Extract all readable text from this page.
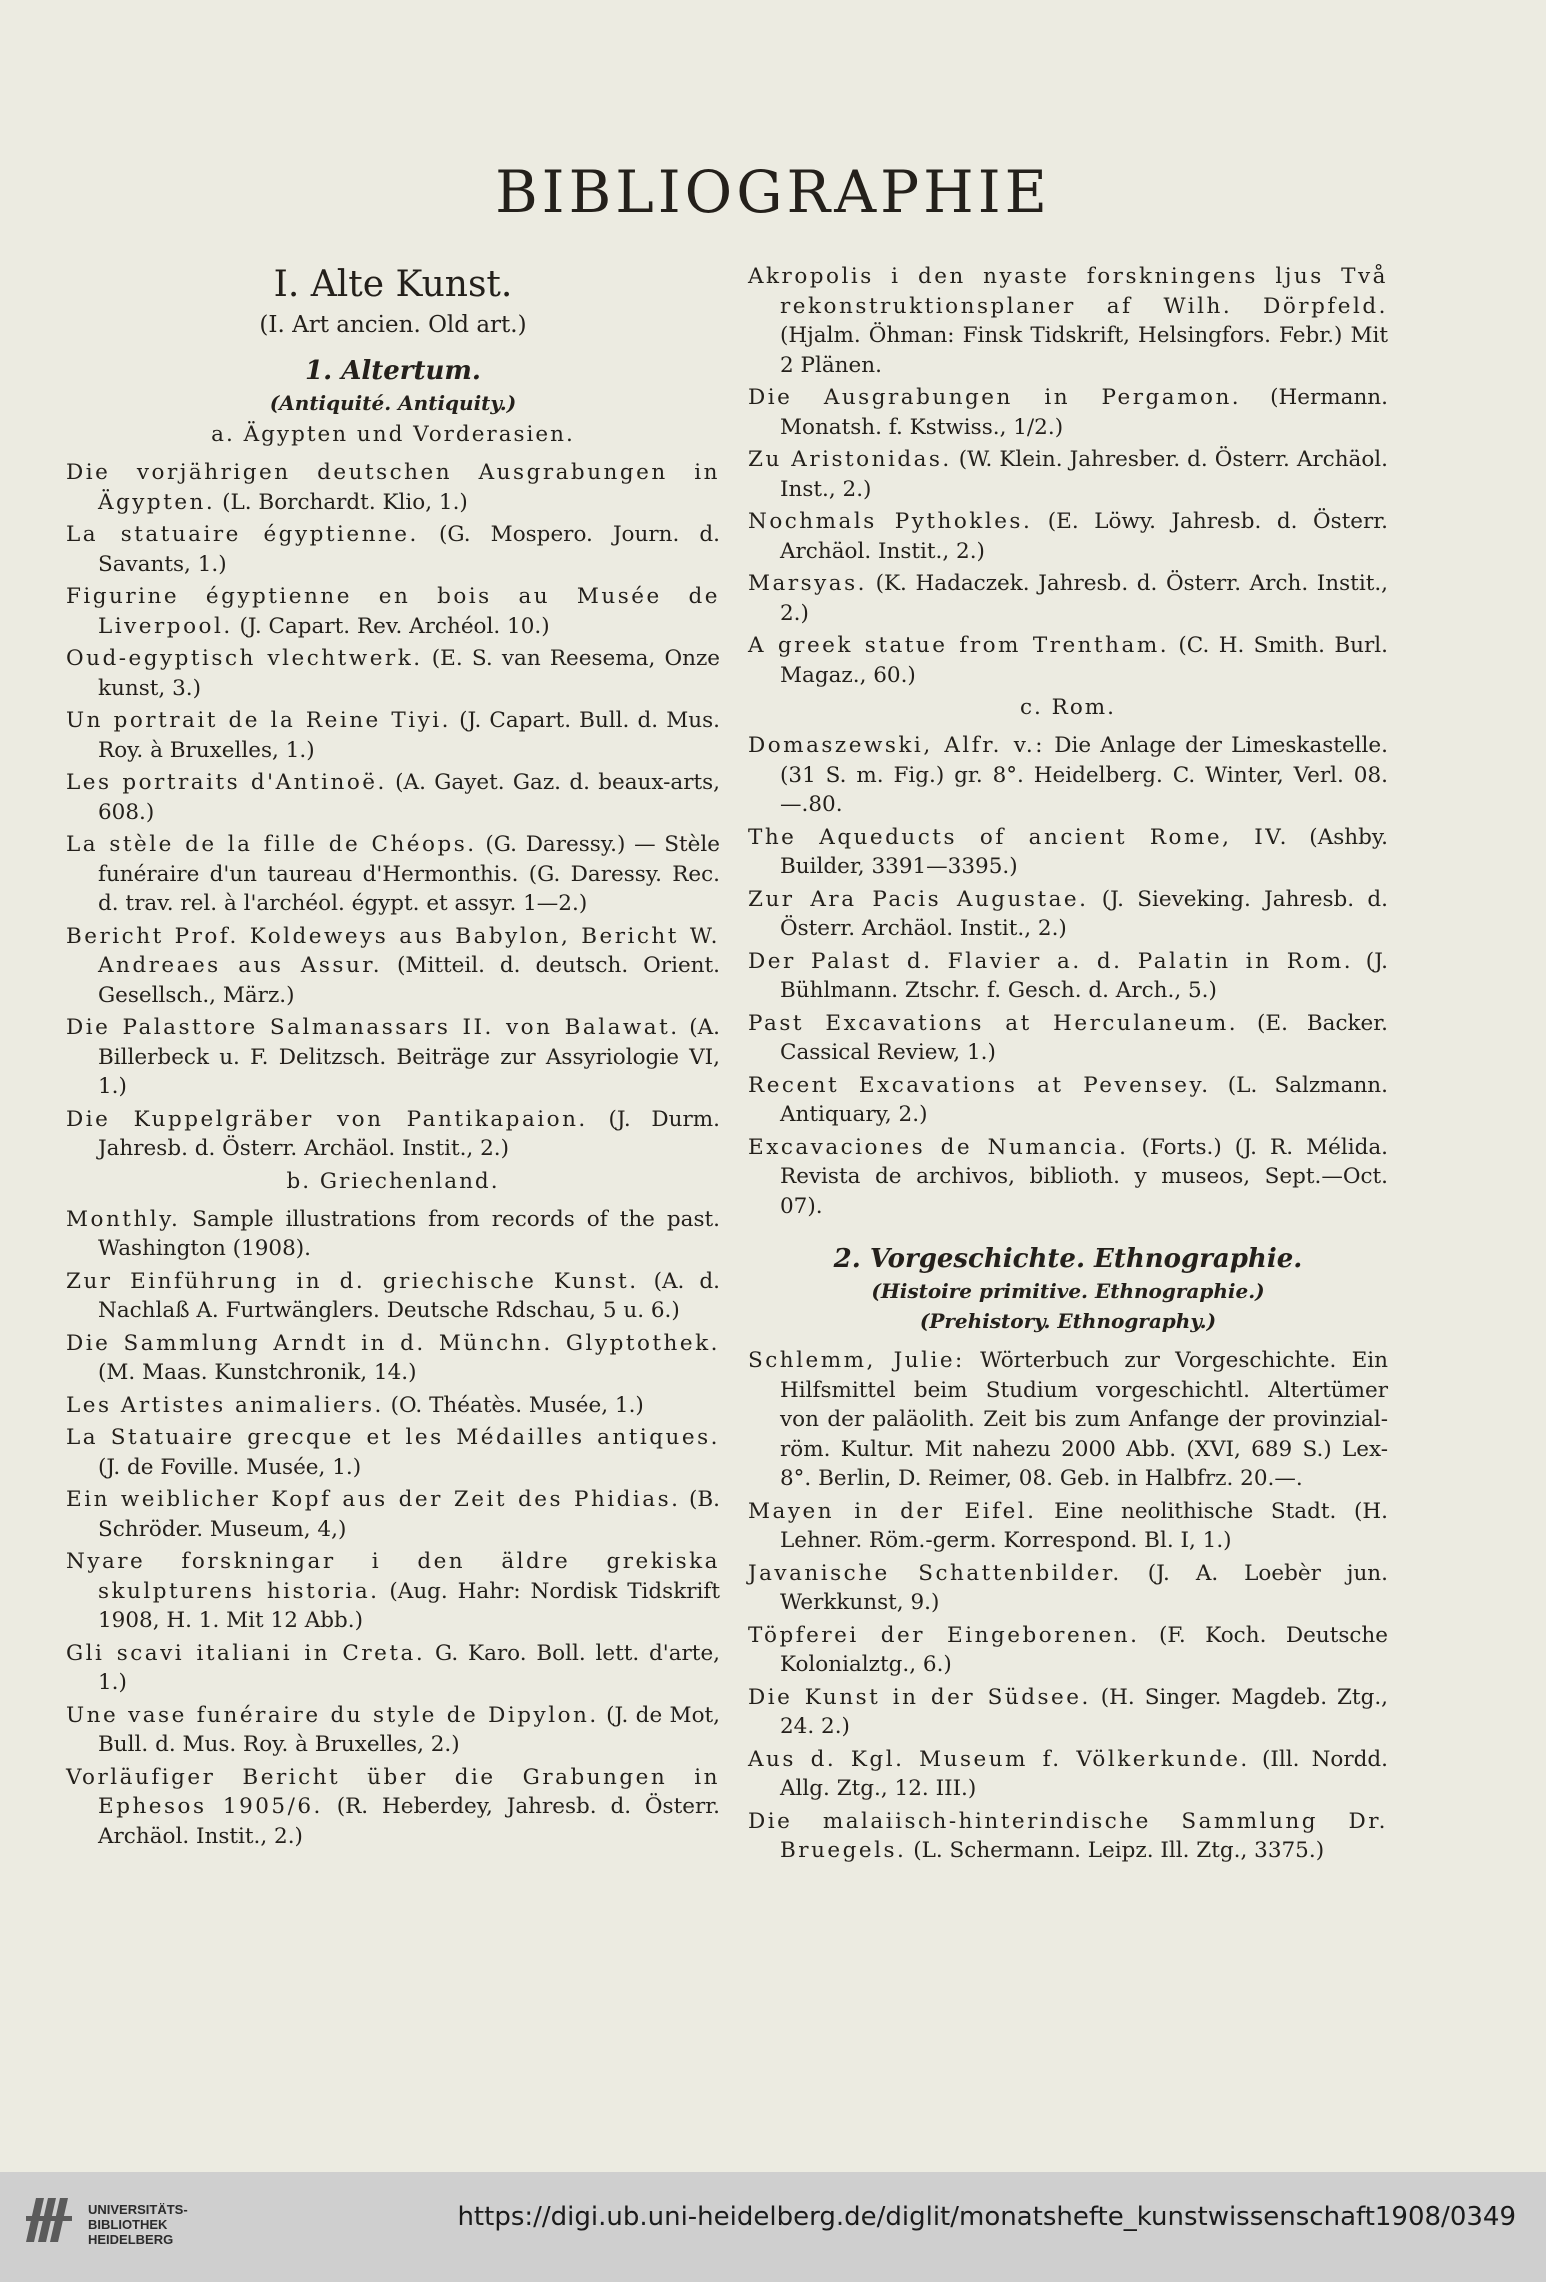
BIBLIOGRAPHIE
I. Alte Kunst.
(I. Art ancien. Old art.)
1. Altertum.
(Antiquité. Antiquity.)
a. Ägypten und Vorderasien.

Die vorjährigen deutschen Ausgrabungen in Ägypten. (L. Borchardt. Klio, 1.)

La statuaire égyptienne. (G. Mospero. Journ. d. Savants, 1.)

Figurine égyptienne en bois au Musée de Liverpool. (J. Capart. Rev. Archéol. 10.)

Oud-egyptisch vlechtwerk. (E. S. van Reesema, Onze kunst, 3.)

Un portrait de la Reine Tiyi. (J. Capart. Bull. d. Mus. Roy. à Bruxelles, 1.)

Les portraits d'Antinoë. (A. Gayet. Gaz. d. beaux-arts, 608.)

La stèle de la fille de Chéops. (G. Daressy.) — Stèle funéraire d'un taureau d'Hermonthis. (G. Daressy. Rec. d. trav. rel. à l'archéol. égypt. et assyr. 1—2.)

Bericht Prof. Koldeweys aus Babylon, Bericht W. Andreaes aus Assur. (Mitteil. d. deutsch. Orient. Gesellsch., März.)

Die Palasttore Salmanassars II. von Balawat. (A. Billerbeck u. F. Delitzsch. Beiträge zur Assyriologie VI, 1.)

Die Kuppelgräber von Pantikapaion. (J. Durm. Jahresb. d. Österr. Archäol. Instit., 2.)

b. Griechenland.

Monthly. Sample illustrations from records of the past. Washington (1908).

Zur Einführung in d. griechische Kunst. (A. d. Nachlaß A. Furtwänglers. Deutsche Rdschau, 5 u. 6.)

Die Sammlung Arndt in d. Münchn. Glyptothek. (M. Maas. Kunstchronik, 14.)

Les Artistes animaliers. (O. Théatès. Musée, 1.)

La Statuaire grecque et les Médailles antiques. (J. de Foville. Musée, 1.)

Ein weiblicher Kopf aus der Zeit des Phidias. (B. Schröder. Museum, 4,)

Nyare forskningar i den äldre grekiska skulpturens historia. (Aug. Hahr: Nordisk Tidskrift 1908, H. 1. Mit 12 Abb.)

Gli scavi italiani in Creta. G. Karo. Boll. lett. d'arte, 1.)

Une vase funéraire du style de Dipylon. (J. de Mot, Bull. d. Mus. Roy. à Bruxelles, 2.)

Vorläufiger Bericht über die Grabungen in Ephesos 1905/6. (R. Heberdey, Jahresb. d. Österr. Archäol. Instit., 2.)

Akropolis i den nyaste forskningens ljus Två rekonstruktionsplaner af Wilh. Dörpfeld. (Hjalm. Öhman: Finsk Tidskrift, Helsingfors. Febr.) Mit 2 Plänen.

Die Ausgrabungen in Pergamon. (Hermann. Monatsh. f. Kstwiss., 1/2.)

Zu Aristonidas. (W. Klein. Jahresber. d. Österr. Archäol. Inst., 2.)

Nochmals Pythokles. (E. Löwy. Jahresb. d. Österr. Archäol. Instit., 2.)

Marsyas. (K. Hadaczek. Jahresb. d. Österr. Arch. Instit., 2.)

A greek statue from Trentham. (C. H. Smith. Burl. Magaz., 60.)

c. Rom.

Domaszewski, Alfr. v.: Die Anlage der Limeskastelle. (31 S. m. Fig.) gr. 8°. Heidelberg. C. Winter, Verl. 08. —.80.

The Aqueducts of ancient Rome, IV. (Ashby. Builder, 3391—3395.)

Zur Ara Pacis Augustae. (J. Sieveking. Jahresb. d. Österr. Archäol. Instit., 2.)

Der Palast d. Flavier a. d. Palatin in Rom. (J. Bühlmann. Ztschr. f. Gesch. d. Arch., 5.)

Past Excavations at Herculaneum. (E. Backer. Cassical Review, 1.)

Recent Excavations at Pevensey. (L. Salzmann. Antiquary, 2.)

Excavaciones de Numancia. (Forts.) (J. R. Mélida. Revista de archivos, biblioth. y museos, Sept.—Oct. 07).

2. Vorgeschichte. Ethnographie.
(Histoire primitive. Ethnographie.)
(Prehistory. Ethnography.)

Schlemm, Julie: Wörterbuch zur Vorgeschichte. Ein Hilfsmittel beim Studium vorgeschichtl. Altertümer von der paläolith. Zeit bis zum Anfange der provinzial-röm. Kultur. Mit nahezu 2000 Abb. (XVI, 689 S.) Lex-8°. Berlin, D. Reimer, 08. Geb. in Halbfrz. 20.—.

Mayen in der Eifel. Eine neolithische Stadt. (H. Lehner. Röm.-germ. Korrespond. Bl. I, 1.)

Javanische Schattenbilder. (J. A. Loebèr jun. Werkkunst, 9.)

Töpferei der Eingeborenen. (F. Koch. Deutsche Kolonialztg., 6.)

Die Kunst in der Südsee. (H. Singer. Magdeb. Ztg., 24. 2.)

Aus d. Kgl. Museum f. Völkerkunde. (Ill. Nordd. Allg. Ztg., 12. III.)

Die malaiisch-hinterindische Sammlung Dr. Bruegels. (L. Schermann. Leipz. Ill. Ztg., 3375.)

UNIVERSITÄTS-
BIBLIOTHEK
HEIDELBERG
https://digi.ub.uni-heidelberg.de/diglit/monatshefte_kunstwissenschaft1908/0349
